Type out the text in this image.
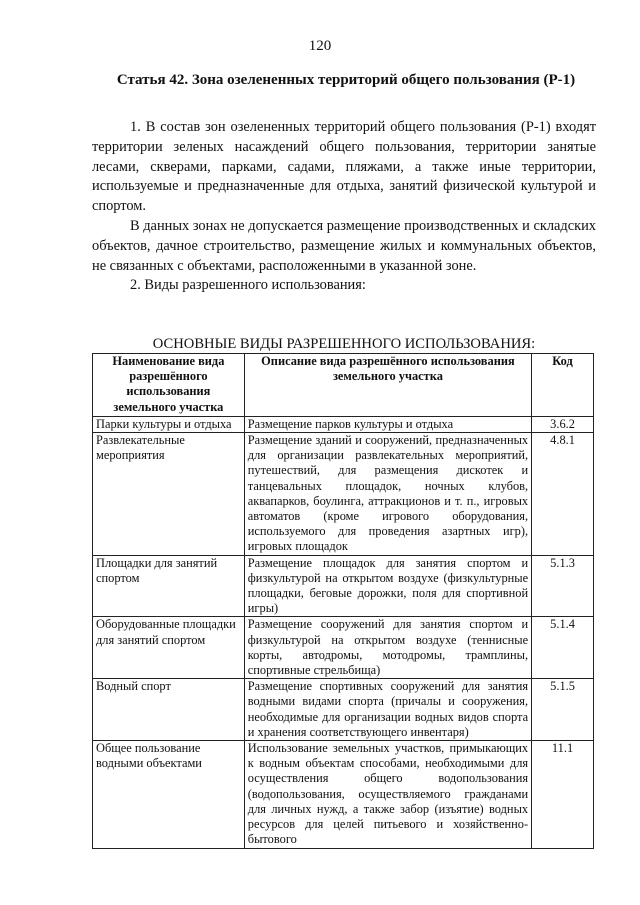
120
Статья 42. Зона озелененных территорий общего пользования (Р-1)

1. В состав зон озелененных территорий общего пользования (Р-1) входят территории зеленых насаждений общего пользования, территории занятые лесами, скверами, парками, садами, пляжами, а также иные территории, используемые и предназначенные для отдыха, занятий физической культурой и спортом.

В данных зонах не допускается размещение производственных и складских объектов, дачное строительство, размещение жилых и коммунальных объектов, не связанных с объектами, расположенными в указанной зоне.

2. Виды разрешенного использования:

ОСНОВНЫЕ ВИДЫ РАЗРЕШЕННОГО ИСПОЛЬЗОВАНИЯ:
Наименование вида разрешённого использования земельного участка	Описание вида разрешённого использования земельного участка	Код
Парки культуры и отдыха	Размещение парков культуры и отдыха	3.6.2
Развлекательные мероприятия	Размещение зданий и сооружений, предназначенных для организации развлекательных мероприятий, путешествий, для размещения дискотек и танцевальных площадок, ночных клубов, аквапарков, боулинга, аттракционов и т. п., игровых автоматов (кроме игрового оборудования, используемого для проведения азартных игр), игровых площадок	4.8.1
Площадки для занятий спортом	Размещение площадок для занятия спортом и физкультурой на открытом воздухе (физкультурные площадки, беговые дорожки, поля для спортивной игры)	5.1.3
Оборудованные площадки для занятий спортом	Размещение сооружений для занятия спортом и физкультурой на открытом воздухе (теннисные корты, автодромы, мотодромы, трамплины, спортивные стрельбища)	5.1.4
Водный спорт	Размещение спортивных сооружений для занятия водными видами спорта (причалы и сооружения, необходимые для организации водных видов спорта и хранения соответствующего инвентаря)	5.1.5
Общее пользование водными объектами	Использование земельных участков, примыкающих к водным объектам способами, необходимыми для осуществления общего водопользования (водопользования, осуществляемого гражданами для личных нужд, а также забор (изъятие) водных ресурсов для целей питьевого и хозяйственно-бытового	11.1
